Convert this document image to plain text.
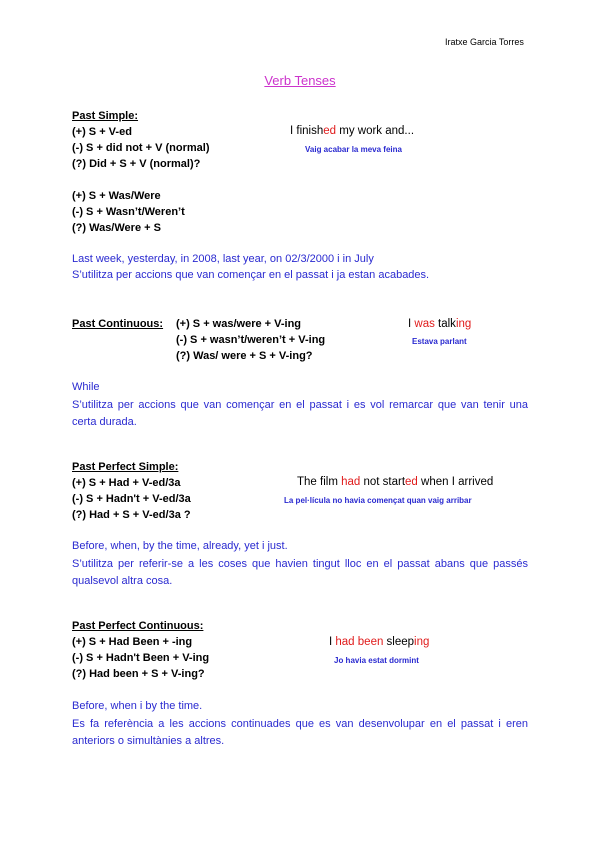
Iratxe Garcia Torres
Verb Tenses
Past Simple:
(+) S + V-ed
(-) S + did not + V (normal)
(?) Did + S + V (normal)?
(+) S + Was/Were
(-) S + Wasn’t/Weren’t
(?) Was/Were + S
I finished my work and...
Vaig acabar la meva feina
Last week, yesterday, in 2008, last year, on 02/3/2000 i in July
S’utilitza per accions que van començar en el passat i ja estan acabades.
Past Continuous: (+) S + was/were + V-ing
(-) S + wasn’t/weren’t + V-ing
(?) Was/ were + S + V-ing?
I was talking
Estava parlant
While
S’utilitza per accions que van començar en el passat i es vol remarcar que van tenir una certa durada.
Past Perfect Simple:
(+) S + Had + V-ed/3a
(-) S + Hadn't + V-ed/3a
(?) Had + S + V-ed/3a ?
The film had not started when I arrived
La pel·lícula no havia començat quan vaig arribar
Before, when, by the time, already, yet i just.
S’utilitza per referir-se a les coses que havien tingut lloc en el passat abans que passés qualsevol altra cosa.
Past Perfect Continuous:
(+) S + Had Been + -ing
(-) S + Hadn't Been + V-ing
(?) Had been + S + V-ing?
I had been sleeping
Jo havia estat dormint
Before, when i by the time.
Es fa referència a les accions continuades que es van desenvolupar en el passat i eren anteriors o simultànies a altres.
